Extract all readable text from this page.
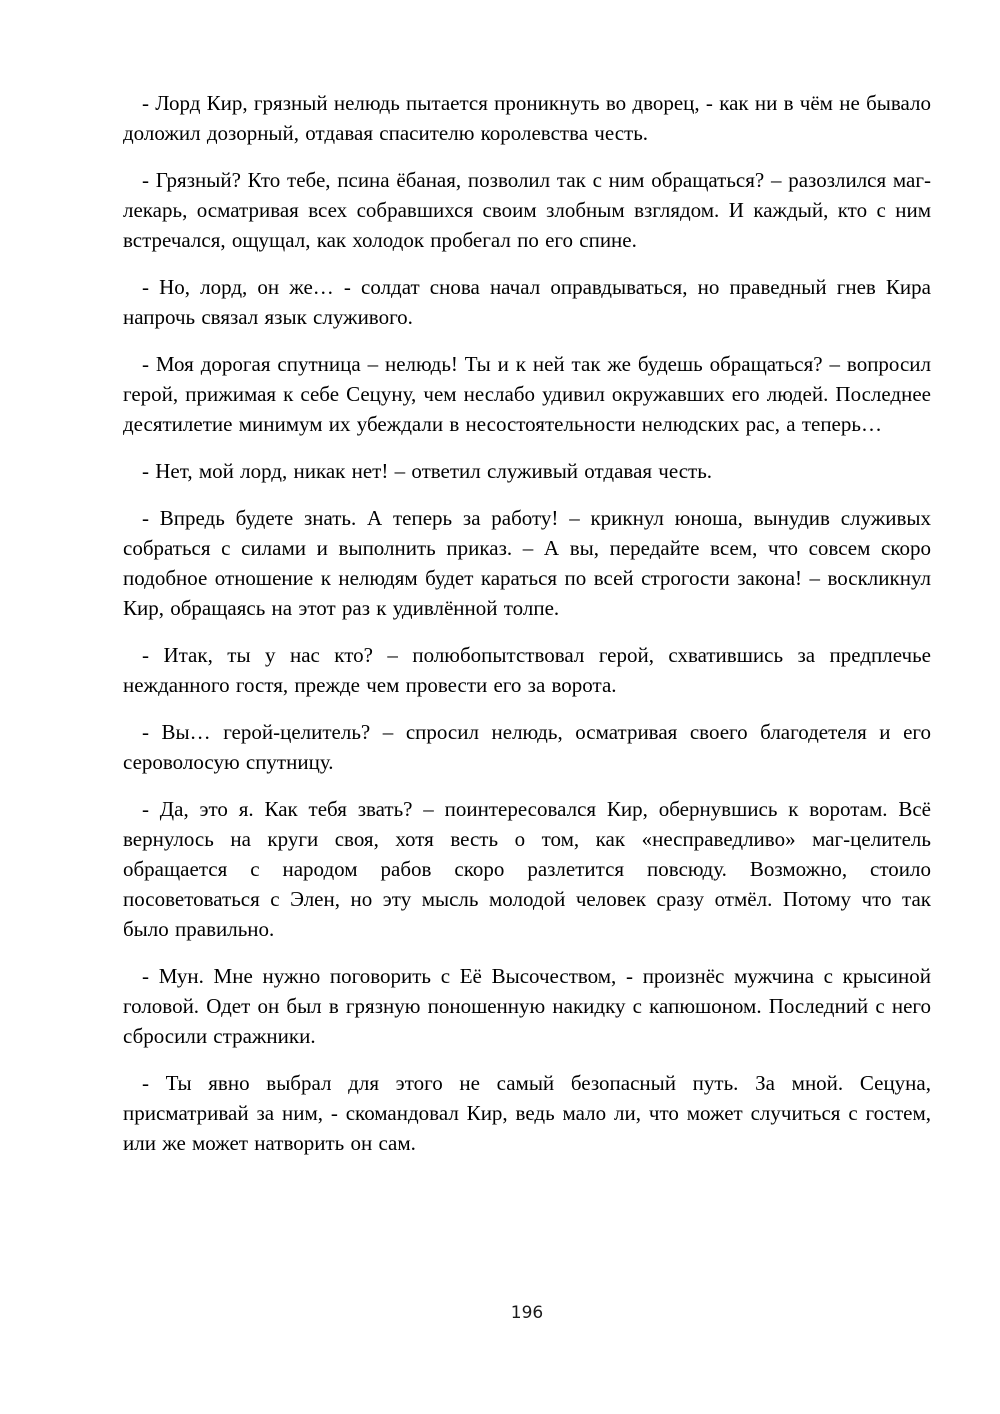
- Лорд Кир, грязный нелюдь пытается проникнуть во дворец, - как ни в чём не бывало доложил дозорный, отдавая спасителю королевства честь.

- Грязный? Кто тебе, псина ёбаная, позволил так с ним обращаться? – разозлился маг-лекарь, осматривая всех собравшихся своим злобным взглядом. И каждый, кто с ним встречался, ощущал, как холодок пробегал по его спине.

- Но, лорд, он же… - солдат снова начал оправдываться, но праведный гнев Кира напрочь связал язык служивого.

- Моя дорогая спутница – нелюдь! Ты и к ней так же будешь обращаться? – вопросил герой, прижимая к себе Сецуну, чем неслабо удивил окружавших его людей. Последнее десятилетие минимум их убеждали в несостоятельности нелюдских рас, а теперь…

- Нет, мой лорд, никак нет! – ответил служивый отдавая честь.

- Впредь будете знать. А теперь за работу! – крикнул юноша, вынудив служивых собраться с силами и выполнить приказ. – А вы, передайте всем, что совсем скоро подобное отношение к нелюдям будет караться по всей строгости закона! – воскликнул Кир, обращаясь на этот раз к удивлённой толпе.

- Итак, ты у нас кто? – полюбопытствовал герой, схватившись за предплечье нежданного гостя, прежде чем провести его за ворота.

- Вы… герой-целитель? – спросил нелюдь, осматривая своего благодетеля и его сероволосую спутницу.

- Да, это я. Как тебя звать? – поинтересовался Кир, обернувшись к воротам. Всё вернулось на круги своя, хотя весть о том, как «несправедливо» маг-целитель обращается с народом рабов скоро разлетится повсюду. Возможно, стоило посоветоваться с Элен, но эту мысль молодой человек сразу отмёл. Потому что так было правильно.

- Мун. Мне нужно поговорить с Её Высочеством, - произнёс мужчина с крысиной головой. Одет он был в грязную поношенную накидку с капюшоном. Последний с него сбросили стражники.

- Ты явно выбрал для этого не самый безопасный путь. За мной. Сецуна, присматривай за ним, - скомандовал Кир, ведь мало ли, что может случиться с гостем, или же может натворить он сам.

196
